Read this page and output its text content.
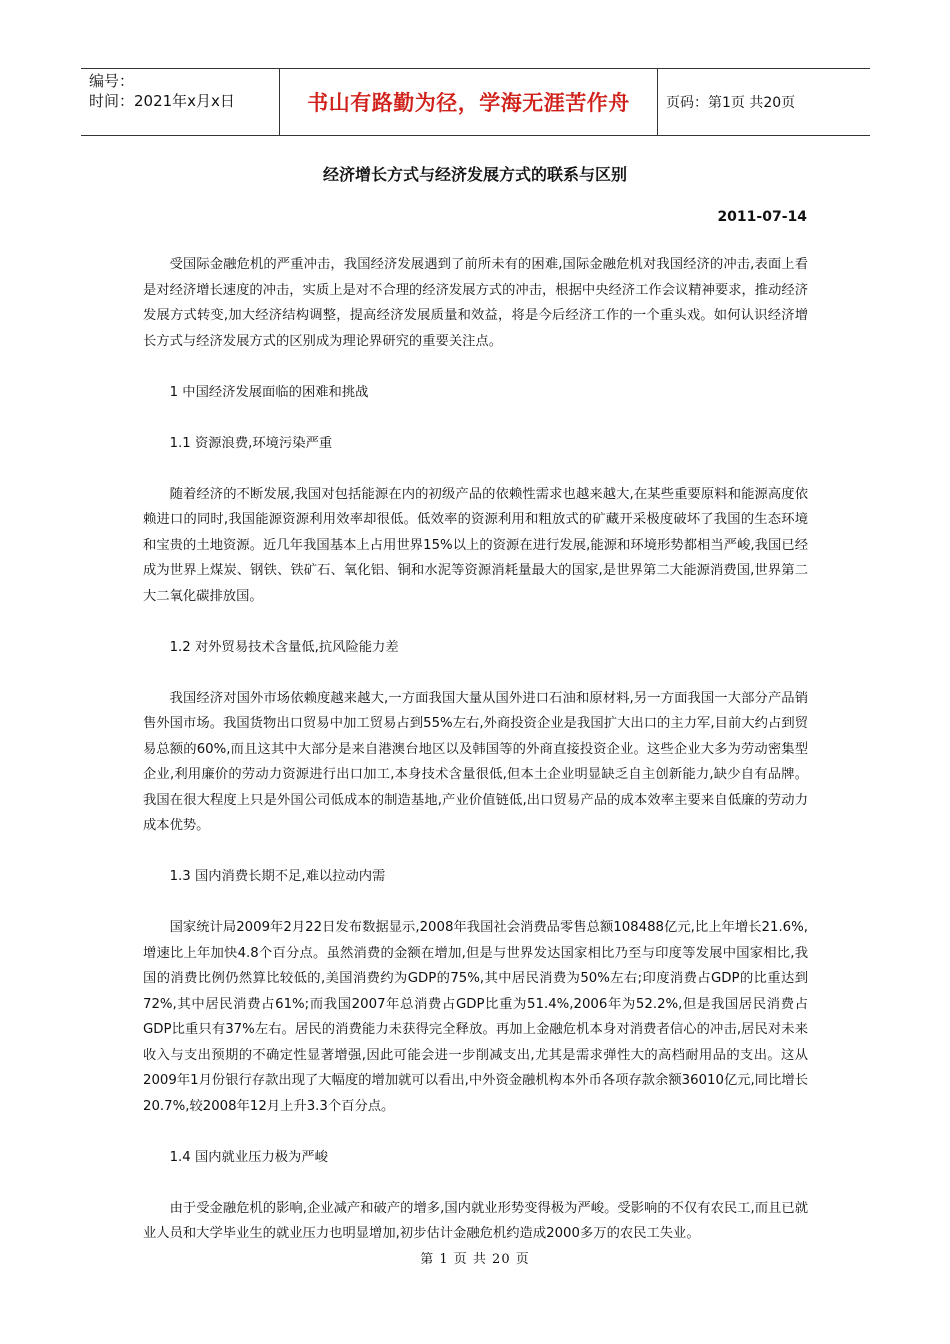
编号：
时间：2021年x月x日	书山有路勤为径，学海无涯苦作舟	页码：第1页 共20页
经济增长方式与经济发展方式的联系与区别
2011-07-14

受国际金融危机的严重冲击，我国经济发展遇到了前所未有的困难,国际金融危机对我国经济的冲击,表面上看是对经济增长速度的冲击，实质上是对不合理的经济发展方式的冲击，根据中央经济工作会议精神要求，推动经济发展方式转变,加大经济结构调整，提高经济发展质量和效益，将是今后经济工作的一个重头戏。如何认识经济增长方式与经济发展方式的区别成为理论界研究的重要关注点。

1 中国经济发展面临的困难和挑战

1.1 资源浪费,环境污染严重

随着经济的不断发展,我国对包括能源在内的初级产品的依赖性需求也越来越大,在某些重要原料和能源高度依赖进口的同时,我国能源资源利用效率却很低。低效率的资源利用和粗放式的矿藏开采极度破坏了我国的生态环境和宝贵的土地资源。近几年我国基本上占用世界15%以上的资源在进行发展,能源和环境形势都相当严峻,我国已经成为世界上煤炭、钢铁、铁矿石、氧化铝、铜和水泥等资源消耗量最大的国家,是世界第二大能源消费国,世界第二大二氧化碳排放国。

1.2 对外贸易技术含量低,抗风险能力差

我国经济对国外市场依赖度越来越大,一方面我国大量从国外进口石油和原材料,另一方面我国一大部分产品销售外国市场。我国货物出口贸易中加工贸易占到55%左右,外商投资企业是我国扩大出口的主力军,目前大约占到贸易总额的60%,而且这其中大部分是来自港澳台地区以及韩国等的外商直接投资企业。这些企业大多为劳动密集型企业,利用廉价的劳动力资源进行出口加工,本身技术含量很低,但本土企业明显缺乏自主创新能力,缺少自有品牌。我国在很大程度上只是外国公司低成本的制造基地,产业价值链低,出口贸易产品的成本效率主要来自低廉的劳动力成本优势。

1.3 国内消费长期不足,难以拉动内需

国家统计局2009年2月22日发布数据显示,2008年我国社会消费品零售总额108488亿元,比上年增长21.6%,增速比上年加快4.8个百分点。虽然消费的金额在增加,但是与世界发达国家相比乃至与印度等发展中国家相比,我国的消费比例仍然算比较低的,美国消费约为GDP的75%,其中居民消费为50%左右;印度消费占GDP的比重达到72%,其中居民消费占61%;而我国2007年总消费占GDP比重为51.4%,2006年为52.2%,但是我国居民消费占GDP比重只有37%左右。居民的消费能力未获得完全释放。再加上金融危机本身对消费者信心的冲击,居民对未来收入与支出预期的不确定性显著增强,因此可能会进一步削减支出,尤其是需求弹性大的高档耐用品的支出。这从2009年1月份银行存款出现了大幅度的增加就可以看出,中外资金融机构本外币各项存款余额36010亿元,同比增长20.7%,较2008年12月上升3.3个百分点。

1.4 国内就业压力极为严峻

由于受金融危机的影响,企业减产和破产的增多,国内就业形势变得极为严峻。受影响的不仅有农民工,而且已就业人员和大学毕业生的就业压力也明显增加,初步估计金融危机约造成2000多万的农民工失业。

第 1 页 共 20 页
